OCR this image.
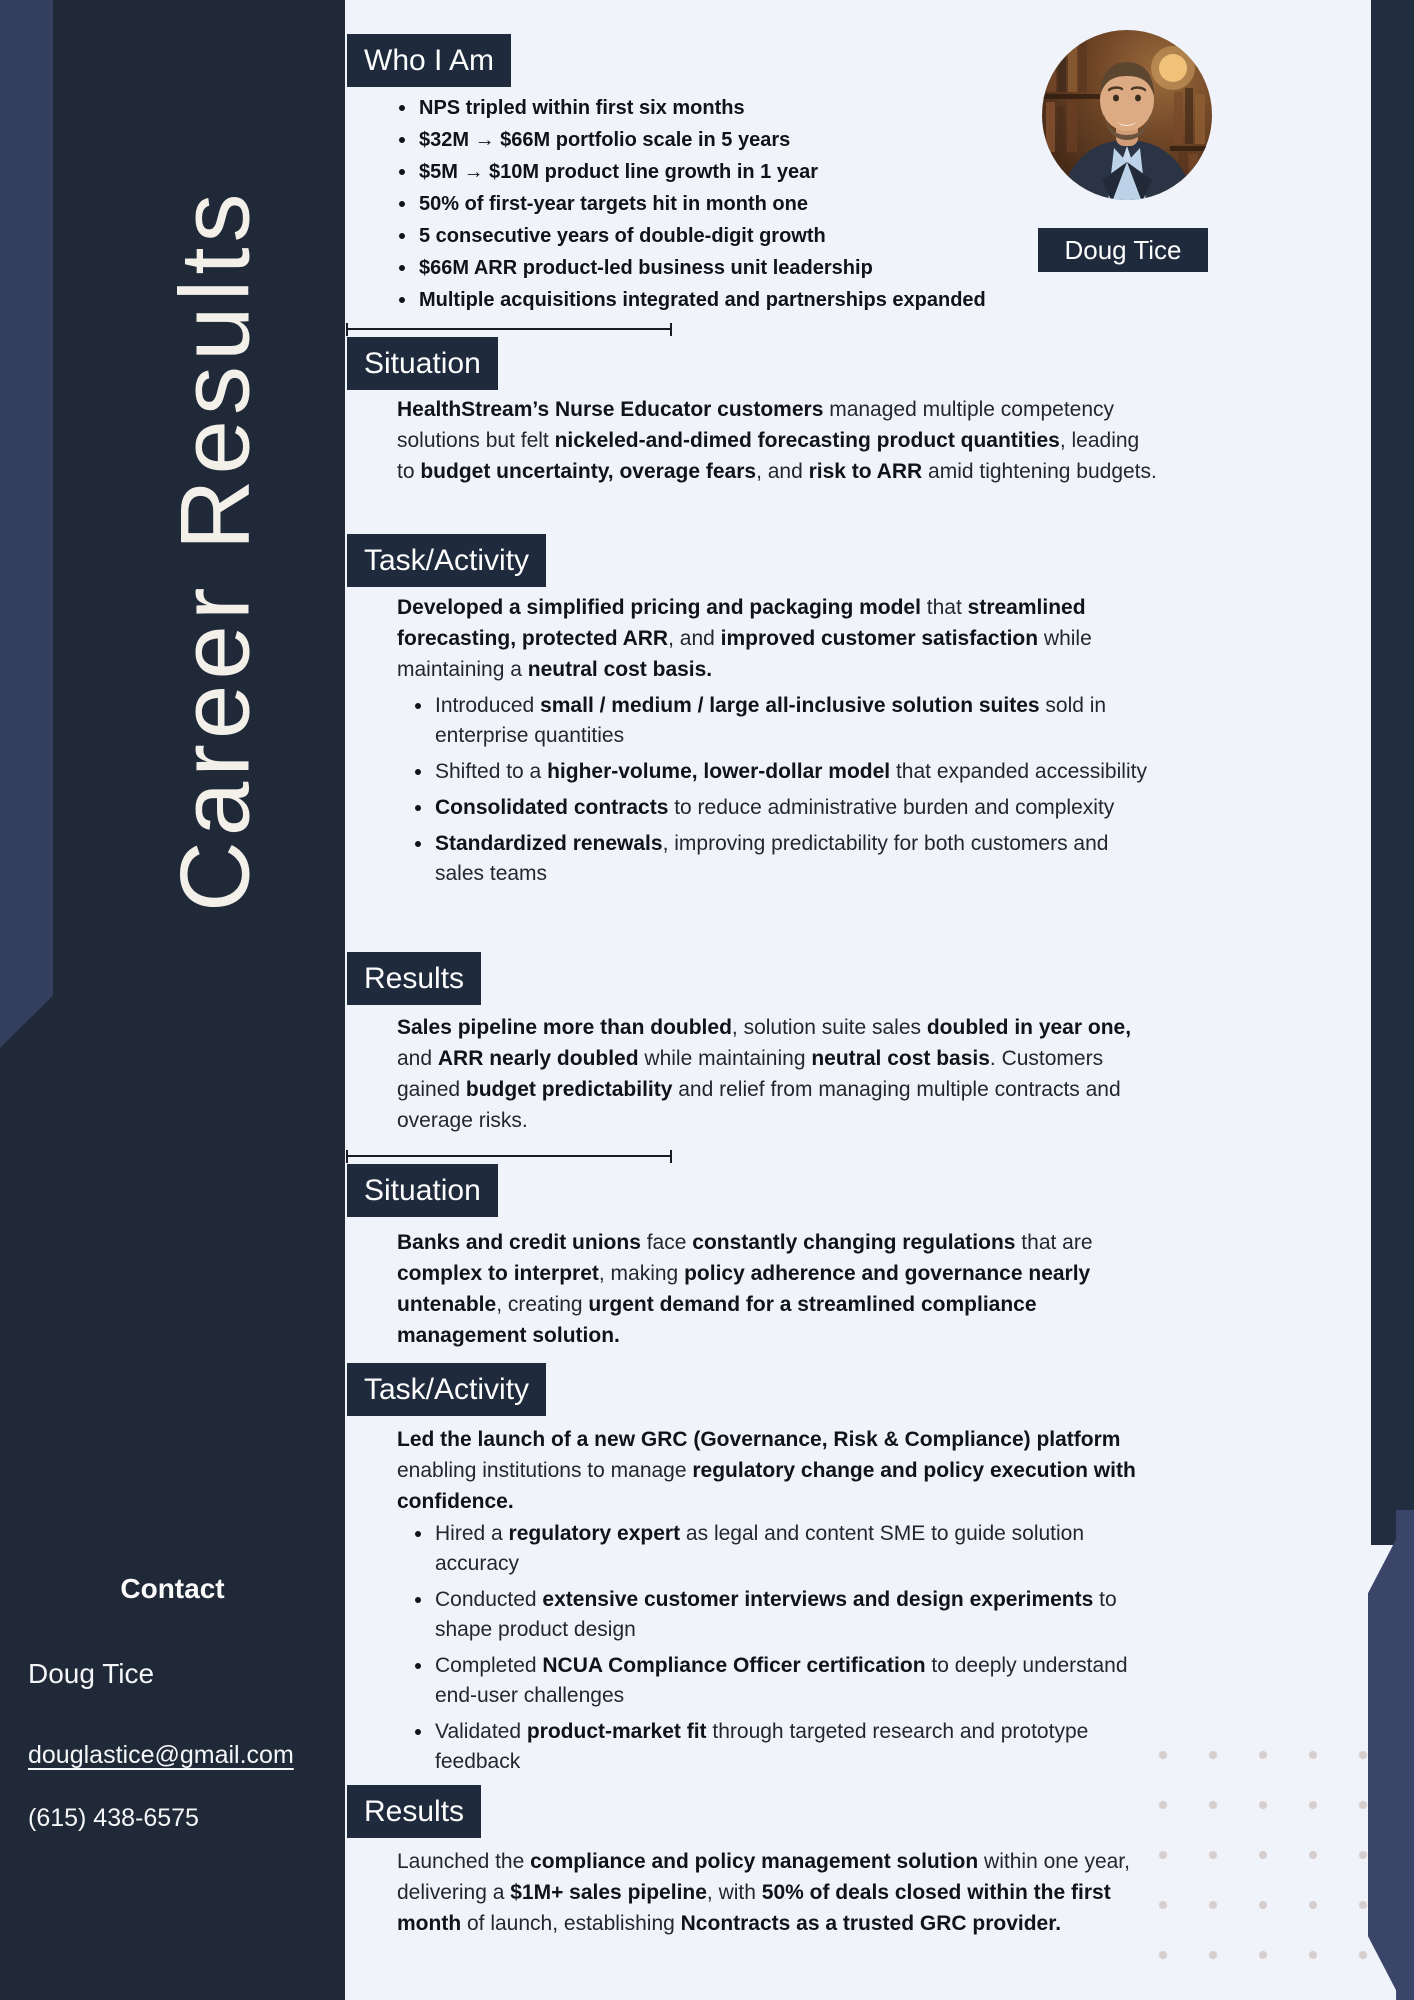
Career Results
Contact
Doug Tice
douglastice@gmail.com
(615) 438-6575
Who I Am
NPS tripled within first six months
$32M → $66M portfolio scale in 5 years
$5M → $10M product line growth in 1 year
50% of first-year targets hit in month one
5 consecutive years of double-digit growth
$66M ARR product-led business unit leadership
Multiple acquisitions integrated and partnerships expanded
Doug Tice
Situation
HealthStream’s Nurse Educator customers managed multiple competency solutions but felt nickeled-and-dimed forecasting product quantities, leading to budget uncertainty, overage fears, and risk to ARR amid tightening budgets.
Task/Activity
Developed a simplified pricing and packaging model that streamlined forecasting, protected ARR, and improved customer satisfaction while maintaining a neutral cost basis.
Introduced small / medium / large all-inclusive solution suites sold in enterprise quantities
Shifted to a higher-volume, lower-dollar model that expanded accessibility
Consolidated contracts to reduce administrative burden and complexity
Standardized renewals, improving predictability for both customers and sales teams
Results
Sales pipeline more than doubled, solution suite sales doubled in year one, and ARR nearly doubled while maintaining neutral cost basis. Customers gained budget predictability and relief from managing multiple contracts and overage risks.
Situation
Banks and credit unions face constantly changing regulations that are complex to interpret, making policy adherence and governance nearly untenable, creating urgent demand for a streamlined compliance management solution.
Task/Activity
Led the launch of a new GRC (Governance, Risk & Compliance) platform enabling institutions to manage regulatory change and policy execution with confidence.
Hired a regulatory expert as legal and content SME to guide solution accuracy
Conducted extensive customer interviews and design experiments to shape product design
Completed NCUA Compliance Officer certification to deeply understand end-user challenges
Validated product-market fit through targeted research and prototype feedback
Results
Launched the compliance and policy management solution within one year, delivering a $1M+ sales pipeline, with 50% of deals closed within the first month of launch, establishing Ncontracts as a trusted GRC provider.
